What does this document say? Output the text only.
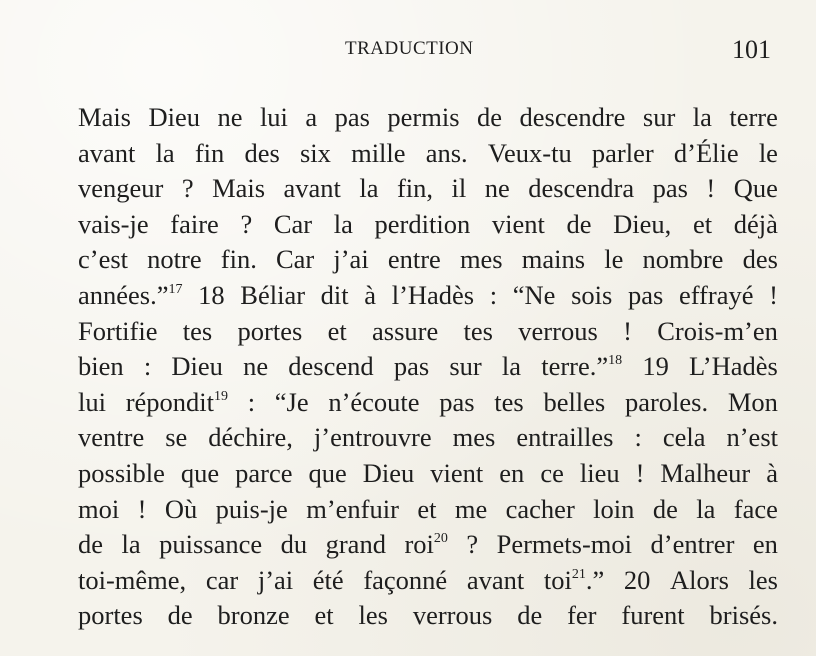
TRADUCTION	101
Mais Dieu ne lui a pas permis de descendre sur la terre
avant la fin des six mille ans. Veux-tu parler d’Élie le
vengeur ? Mais avant la fin, il ne descendra pas ! Que
vais-je faire ? Car la perdition vient de Dieu, et déjà
c’est notre fin. Car j’ai entre mes mains le nombre des
années.”$^{17}$ 18 Béliar dit à l’Hadès : “Ne sois pas effrayé !
Fortifie tes portes et assure tes verrous ! Crois-m’en
bien : Dieu ne descend pas sur la terre.”$^{18}$ 19 L’Hadès
lui répondit$^{19}$ : “Je n’écoute pas tes belles paroles. Mon
ventre se déchire, j’entrouvre mes entrailles : cela n’est
possible que parce que Dieu vient en ce lieu ! Malheur à
moi ! Où puis-je m’enfuir et me cacher loin de la face
de la puissance du grand roi$^{20}$ ? Permets-moi d’entrer en
toi-même, car j’ai été façonné avant toi$^{21}$.” 20 Alors les
portes de bronze et les verrous de fer furent brisés.
